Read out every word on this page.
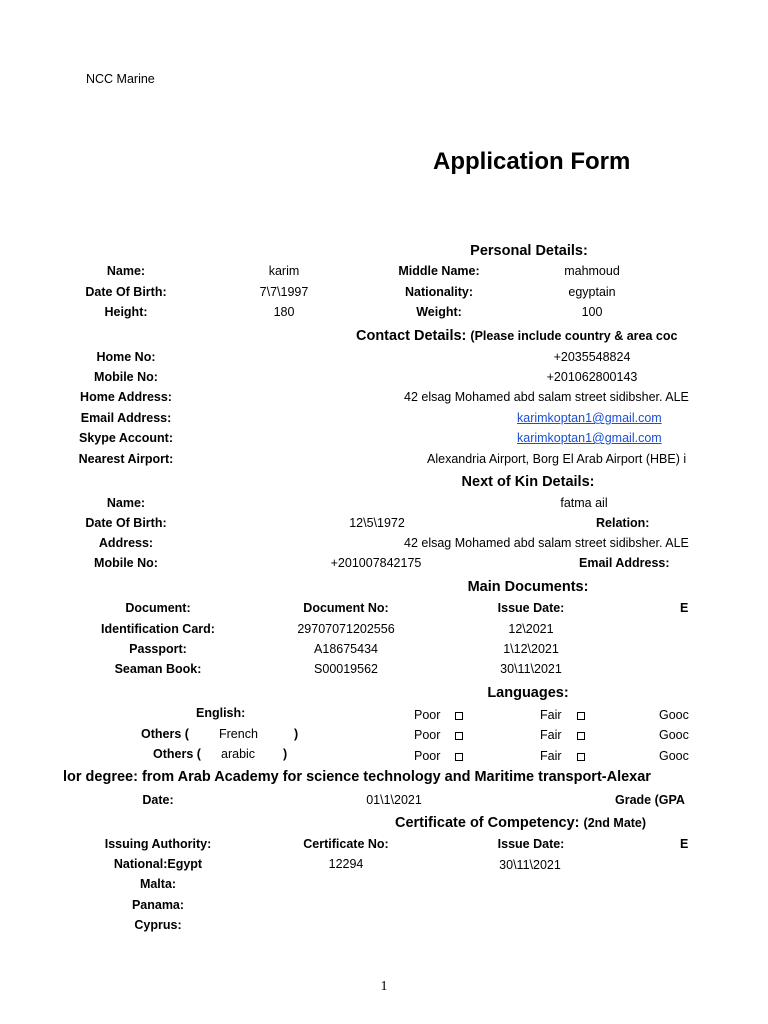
NCC Marine
Application Form
Personal Details:
Name:	karim	Middle Name:	mahmoud
Date Of Birth:	7\7\1997	Nationality:	egyptain
Height:	180	Weight:	100
Contact Details: (Please include country & area coc
Home No:	+2035548824
Mobile No:	+201062800143
Home Address:	42 elsag Mohamed abd salam street sidibsher. ALE
Email Address:	karimkoptan1@gmail.com
Skype Account:	karimkoptan1@gmail.com
Nearest Airport:	Alexandria Airport, Borg El Arab Airport (HBE) i
Next of Kin Details:
Name:	fatma ail
Date Of Birth:	12\5\1972	Relation:
Address:	42 elsag Mohamed abd salam street sidibsher. ALE
Mobile No:	+201007842175	Email Address:
Main Documents:
Document:	Document No:	Issue Date:	E
Identification Card:	29707071202556	12\2021
Passport:	A18675434	1\12\2021
Seaman Book:	S00019562	30\11\2021
Languages:
English:	Poor	Fair	Gooc
Others ( French	)	Poor	Fair	Gooc
Others ( arabic )	Poor	Fair	Gooc
lor degree: from Arab Academy for science technology and Maritime transport-Alexar
Date:	01\1\2021	Grade (GPA
Certificate of Competency: (2nd Mate)
Issuing Authority:	Certificate No:	Issue Date:	E
National:Egypt	12294	30\11\2021
Malta:
Panama:
Cyprus:
1
